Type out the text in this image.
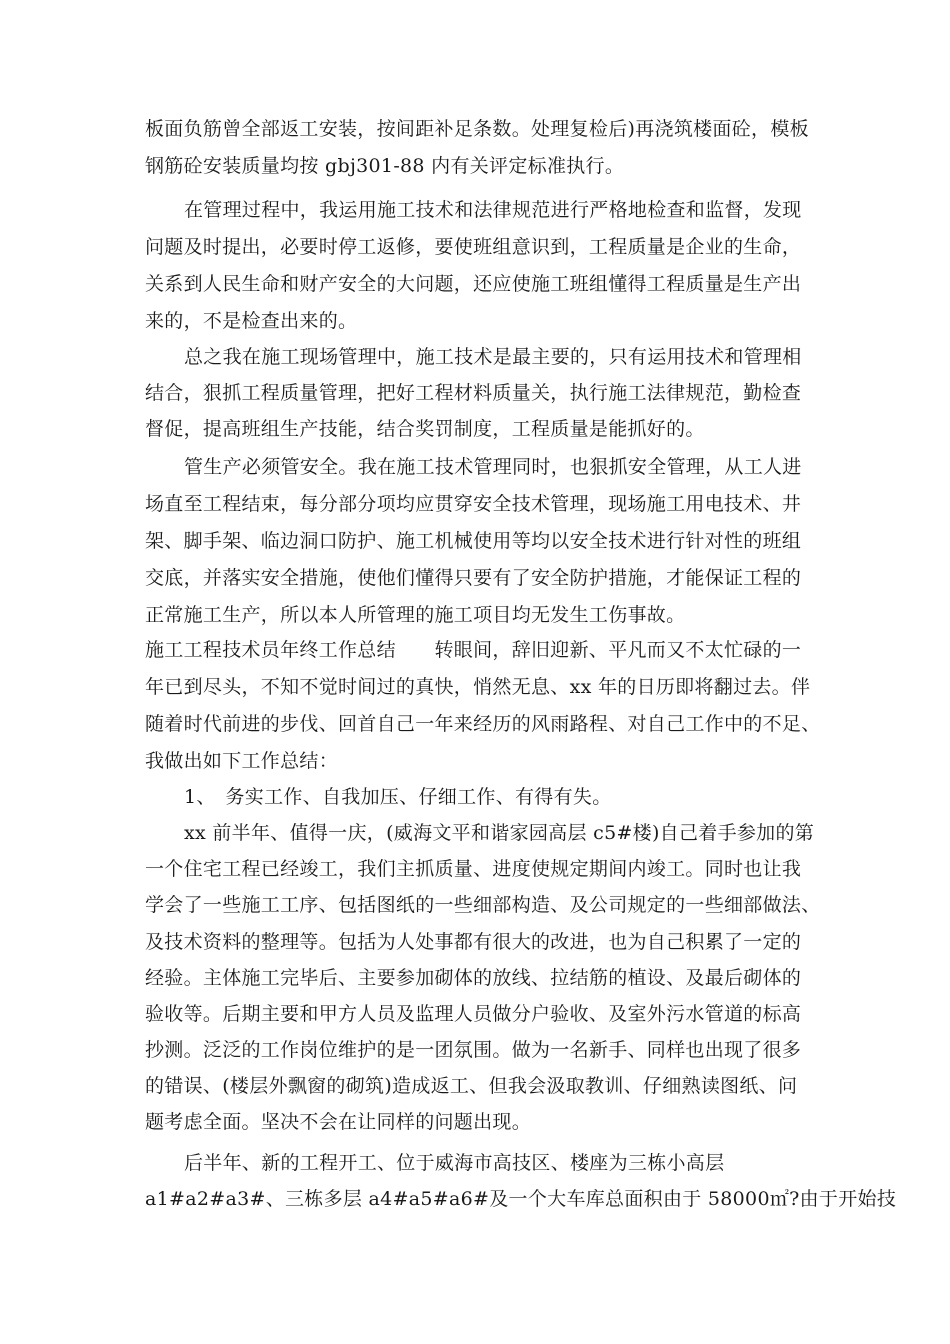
板面负筋曾全部返工安装，按间距补足条数。处理复检后)再浇筑楼面砼，模板
钢筋砼安装质量均按 gbj301-88 内有关评定标准执行。
在管理过程中，我运用施工技术和法律规范进行严格地检查和监督，发现
问题及时提出，必要时停工返修，要使班组意识到，工程质量是企业的生命，
关系到人民生命和财产安全的大问题，还应使施工班组懂得工程质量是生产出
来的，不是检查出来的。
总之我在施工现场管理中，施工技术是最主要的，只有运用技术和管理相
结合，狠抓工程质量管理，把好工程材料质量关，执行施工法律规范，勤检查
督促，提高班组生产技能，结合奖罚制度，工程质量是能抓好的。
管生产必须管安全。我在施工技术管理同时，也狠抓安全管理，从工人进
场直至工程结束，每分部分项均应贯穿安全技术管理，现场施工用电技术、井
架、脚手架、临边洞口防护、施工机械使用等均以安全技术进行针对性的班组
交底，并落实安全措施，使他们懂得只要有了安全防护措施，才能保证工程的
正常施工生产，所以本人所管理的施工项目均无发生工伤事故。
施工工程技术员年终工作总结　　转眼间，辞旧迎新、平凡而又不太忙碌的一
年已到尽头，不知不觉时间过的真快，悄然无息、xx 年的日历即将翻过去。伴
随着时代前进的步伐、回首自己一年来经历的风雨路程、对自己工作中的不足、
我做出如下工作总结：
1、　务实工作、自我加压、仔细工作、有得有失。
xx 前半年、值得一庆，(威海文平和谐家园高层 c5#楼)自己着手参加的第
一个住宅工程已经竣工，我们主抓质量、进度使规定期间内竣工。同时也让我
学会了一些施工工序、包括图纸的一些细部构造、及公司规定的一些细部做法、
及技术资料的整理等。包括为人处事都有很大的改进，也为自己积累了一定的
经验。主体施工完毕后、主要参加砌体的放线、拉结筋的植设、及最后砌体的
验收等。后期主要和甲方人员及监理人员做分户验收、及室外污水管道的标高
抄测。泛泛的工作岗位维护的是一团氛围。做为一名新手、同样也出现了很多
的错误、(楼层外飘窗的砌筑)造成返工、但我会汲取教训、仔细熟读图纸、问
题考虑全面。坚决不会在让同样的问题出现。
后半年、新的工程开工、位于威海市高技区、楼座为三栋小高层
a1#a2#a3#、三栋多层 a4#a5#a6#及一个大车库总面积由于 58000㎡?由于开始技
